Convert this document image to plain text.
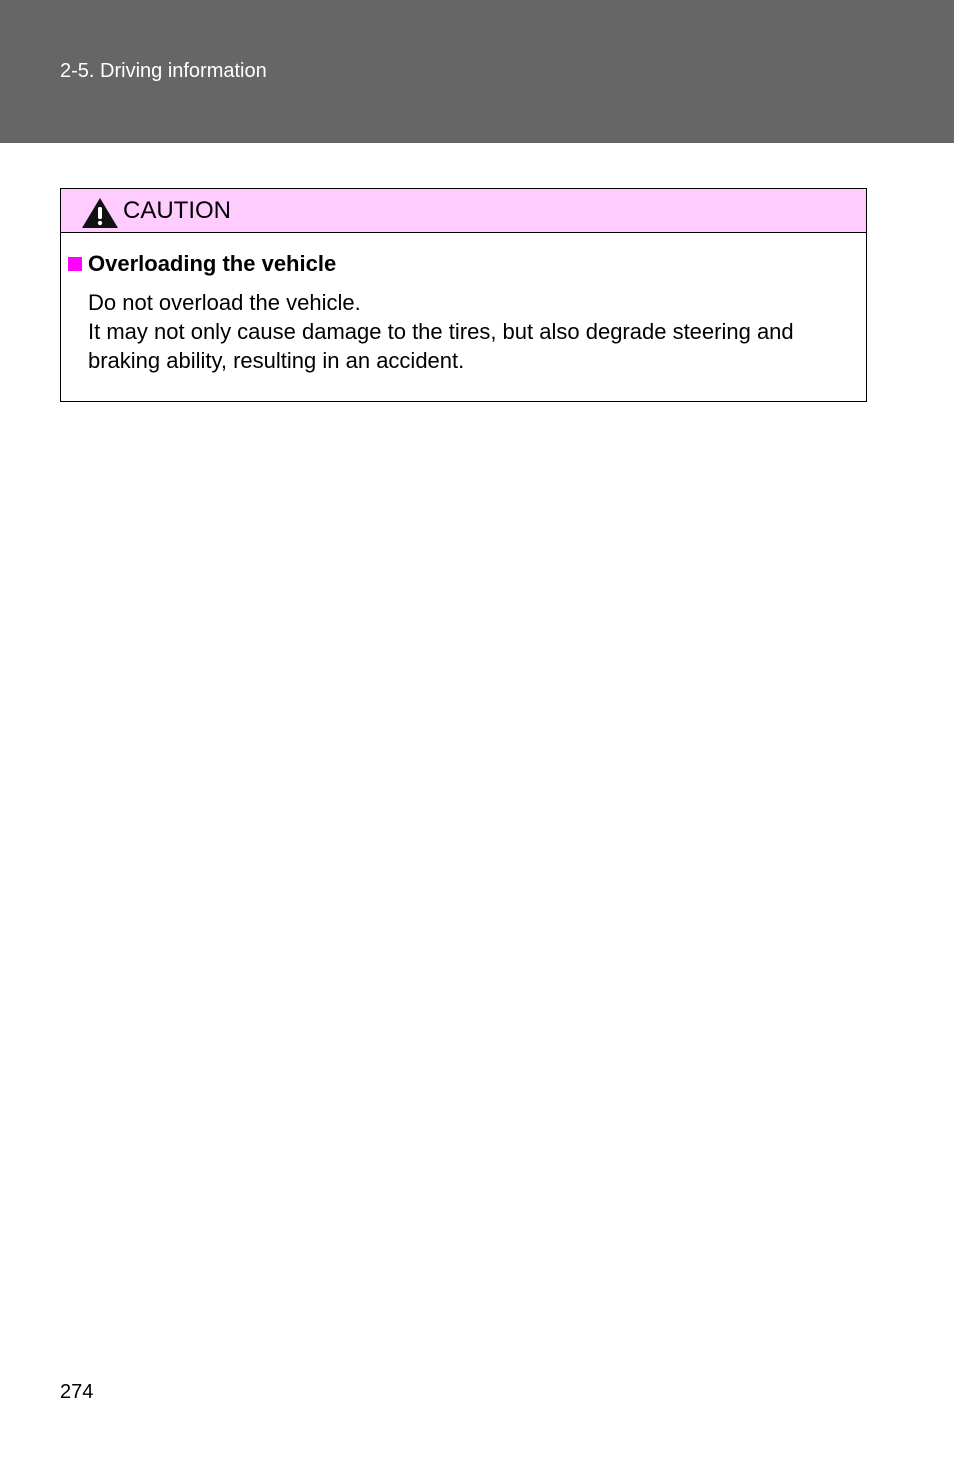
2-5. Driving information
CAUTION
Overloading the vehicle

Do not overload the vehicle.

It may not only cause damage to the tires, but also degrade steering and

braking ability, resulting in an accident.

274
